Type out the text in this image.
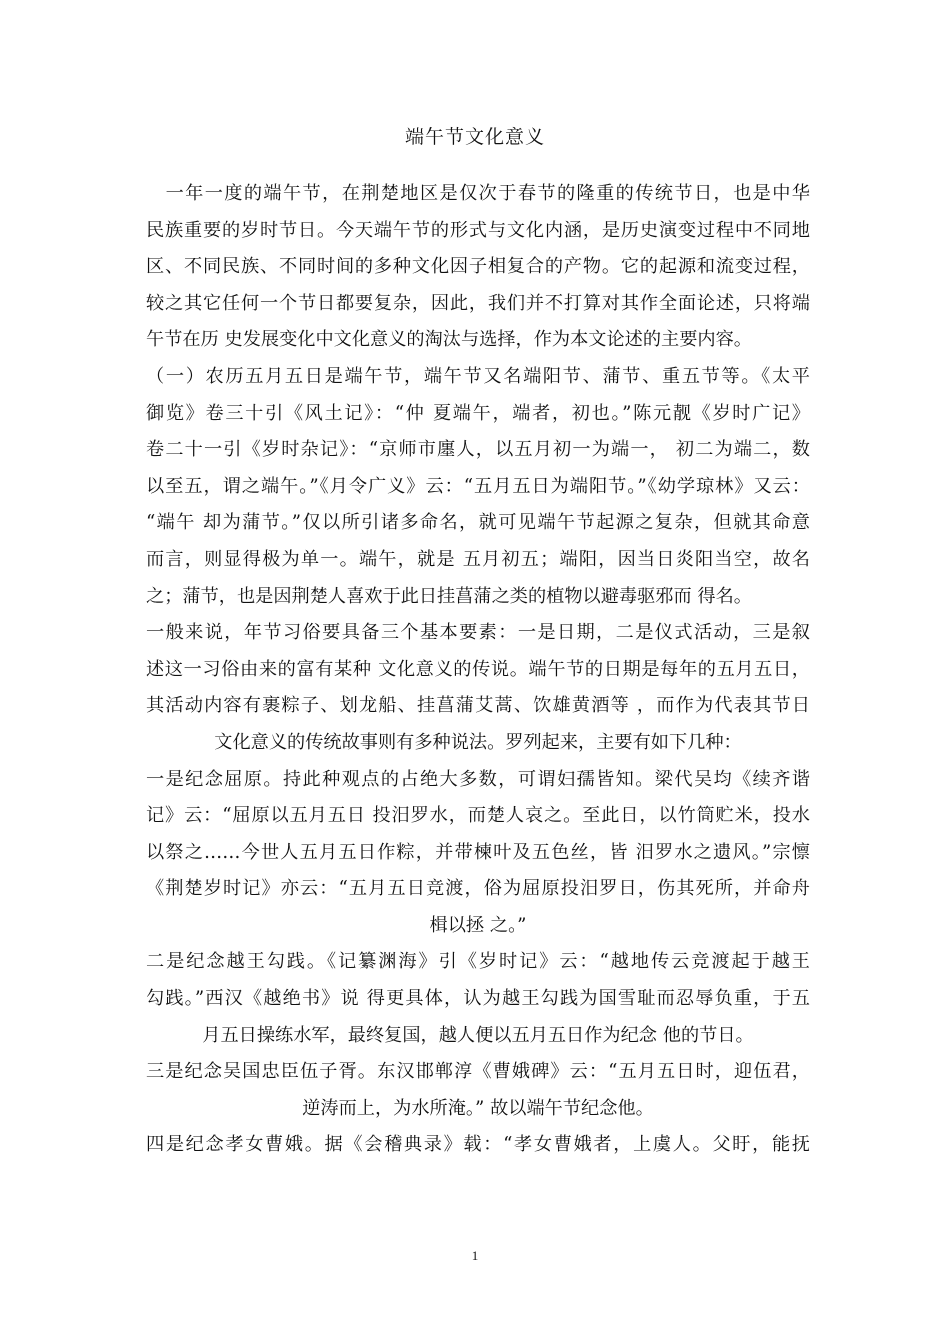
端午节文化意义
　一年一度的端午节，在荆楚地区是仅次于春节的隆重的传统节日，也是中华
民族重要的岁时节日。今天端午节的形式与文化内涵，是历史演变过程中不同地
区、不同民族、不同时间的多种文化因子相复合的产物。它的起源和流变过程，
较之其它任何一个节日都要复杂，因此，我们并不打算对其作全面论述，只将端
午节在历 史发展变化中文化意义的淘汰与选择，作为本文论述的主要内容。
（一）农历五月五日是端午节，端午节又名端阳节、蒲节、重五节等。《太平
御览》卷三十引《风土记》：“仲 夏端午，端者，初也。”陈元靓《岁时广记》
卷二十一引《岁时杂记》：“京师市廛人，以五月初一为端一， 初二为端二，数
以至五，谓之端午。”《月令广义》云：“五月五日为端阳节。”《幼学琼林》又云：
“端午 却为蒲节。”仅以所引诸多命名，就可见端午节起源之复杂，但就其命意
而言，则显得极为单一。端午，就是 五月初五；端阳，因当日炎阳当空，故名
之；蒲节，也是因荆楚人喜欢于此日挂菖蒲之类的植物以避毒驱邪而 得名。
一般来说，年节习俗要具备三个基本要素：一是日期，二是仪式活动，三是叙
述这一习俗由来的富有某种 文化意义的传说。端午节的日期是每年的五月五日，
其活动内容有裹粽子、划龙船、挂菖蒲艾蒿、饮雄黄酒等 ，而作为代表其节日
文化意义的传统故事则有多种说法。罗列起来，主要有如下几种：
一是纪念屈原。持此种观点的占绝大多数，可谓妇孺皆知。梁代吴均《续齐谐
记》云：“屈原以五月五日 投汨罗水，而楚人哀之。至此日，以竹筒贮米，投水
以祭之……今世人五月五日作粽，并带楝叶及五色丝，皆 汨罗水之遗风。”宗懔
《荆楚岁时记》亦云：“五月五日竞渡，俗为屈原投汨罗日，伤其死所，并命舟
楫以拯 之。”
二是纪念越王勾践。《记纂渊海》引《岁时记》云：“越地传云竞渡起于越王
勾践。”西汉《越绝书》说 得更具体，认为越王勾践为国雪耻而忍辱负重，于五
月五日操练水军，最终复国，越人便以五月五日作为纪念 他的节日。
三是纪念吴国忠臣伍子胥。东汉邯郸淳《曹娥碑》云：“五月五日时，迎伍君，
逆涛而上，为水所淹。” 故以端午节纪念他。
四是纪念孝女曹娥。据《会稽典录》载：“孝女曹娥者，上虞人。父盱，能抚
1
